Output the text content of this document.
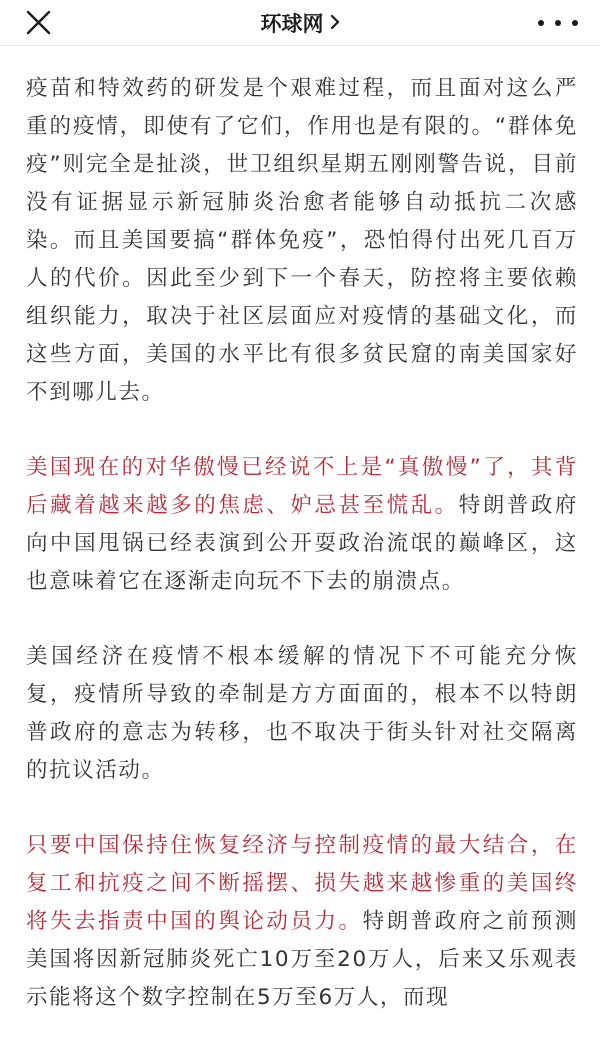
环球网

疫苗和特效药的研发是个艰难过程，而且面对这么严重的疫情，即使有了它们，作用也是有限的。“群体免疫”则完全是扯淡，世卫组织星期五刚刚警告说，目前没有证据显示新冠肺炎治愈者能够自动抵抗二次感染。而且美国要搞“群体免疫”，恐怕得付出死几百万人的代价。因此至少到下一个春天，防控将主要依赖组织能力，取决于社区层面应对疫情的基础文化，而这些方面，美国的水平比有很多贫民窟的南美国家好不到哪儿去。

美国现在的对华傲慢已经说不上是“真傲慢”了，其背后藏着越来越多的焦虑、妒忌甚至慌乱。特朗普政府向中国甩锅已经表演到公开耍政治流氓的巅峰区，这也意味着它在逐渐走向玩不下去的崩溃点。

美国经济在疫情不根本缓解的情况下不可能充分恢复，疫情所导致的牵制是方方面面的，根本不以特朗普政府的意志为转移，也不取决于街头针对社交隔离的抗议活动。

只要中国保持住恢复经济与控制疫情的最大结合，在复工和抗疫之间不断摇摆、损失越来越惨重的美国终将失去指责中国的舆论动员力。特朗普政府之前预测美国将因新冠肺炎死亡10万至20万人，后来又乐观表示能将这个数字控制在5万至6万人，而现
